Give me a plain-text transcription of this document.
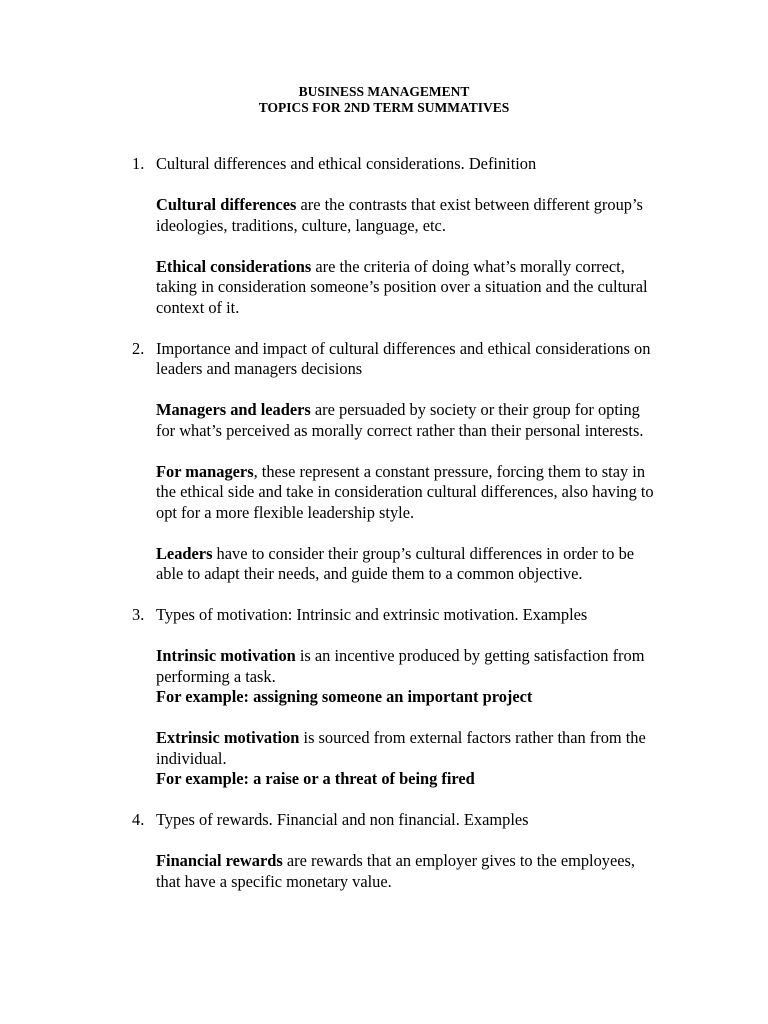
BUSINESS MANAGEMENT
TOPICS FOR 2ND TERM SUMMATIVES
1. Cultural differences and ethical considerations. Definition
Cultural differences are the contrasts that exist between different group’s ideologies, traditions, culture, language, etc.
Ethical considerations are the criteria of doing what’s morally correct, taking in consideration someone’s position over a situation and the cultural context of it.
2. Importance and impact of cultural differences and ethical considerations on leaders and managers decisions
Managers and leaders are persuaded by society or their group for opting for what’s perceived as morally correct rather than their personal interests.
For managers, these represent a constant pressure, forcing them to stay in the ethical side and take in consideration cultural differences, also having to opt for a more flexible leadership style.
Leaders have to consider their group’s cultural differences in order to be able to adapt their needs, and guide them to a common objective.
3. Types of motivation: Intrinsic and extrinsic motivation. Examples
Intrinsic motivation is an incentive produced by getting satisfaction from performing a task.
For example: assigning someone an important project
Extrinsic motivation is sourced from external factors rather than from the individual.
For example: a raise or a threat of being fired
4. Types of rewards. Financial and non financial. Examples
Financial rewards are rewards that an employer gives to the employees, that have a specific monetary value.
